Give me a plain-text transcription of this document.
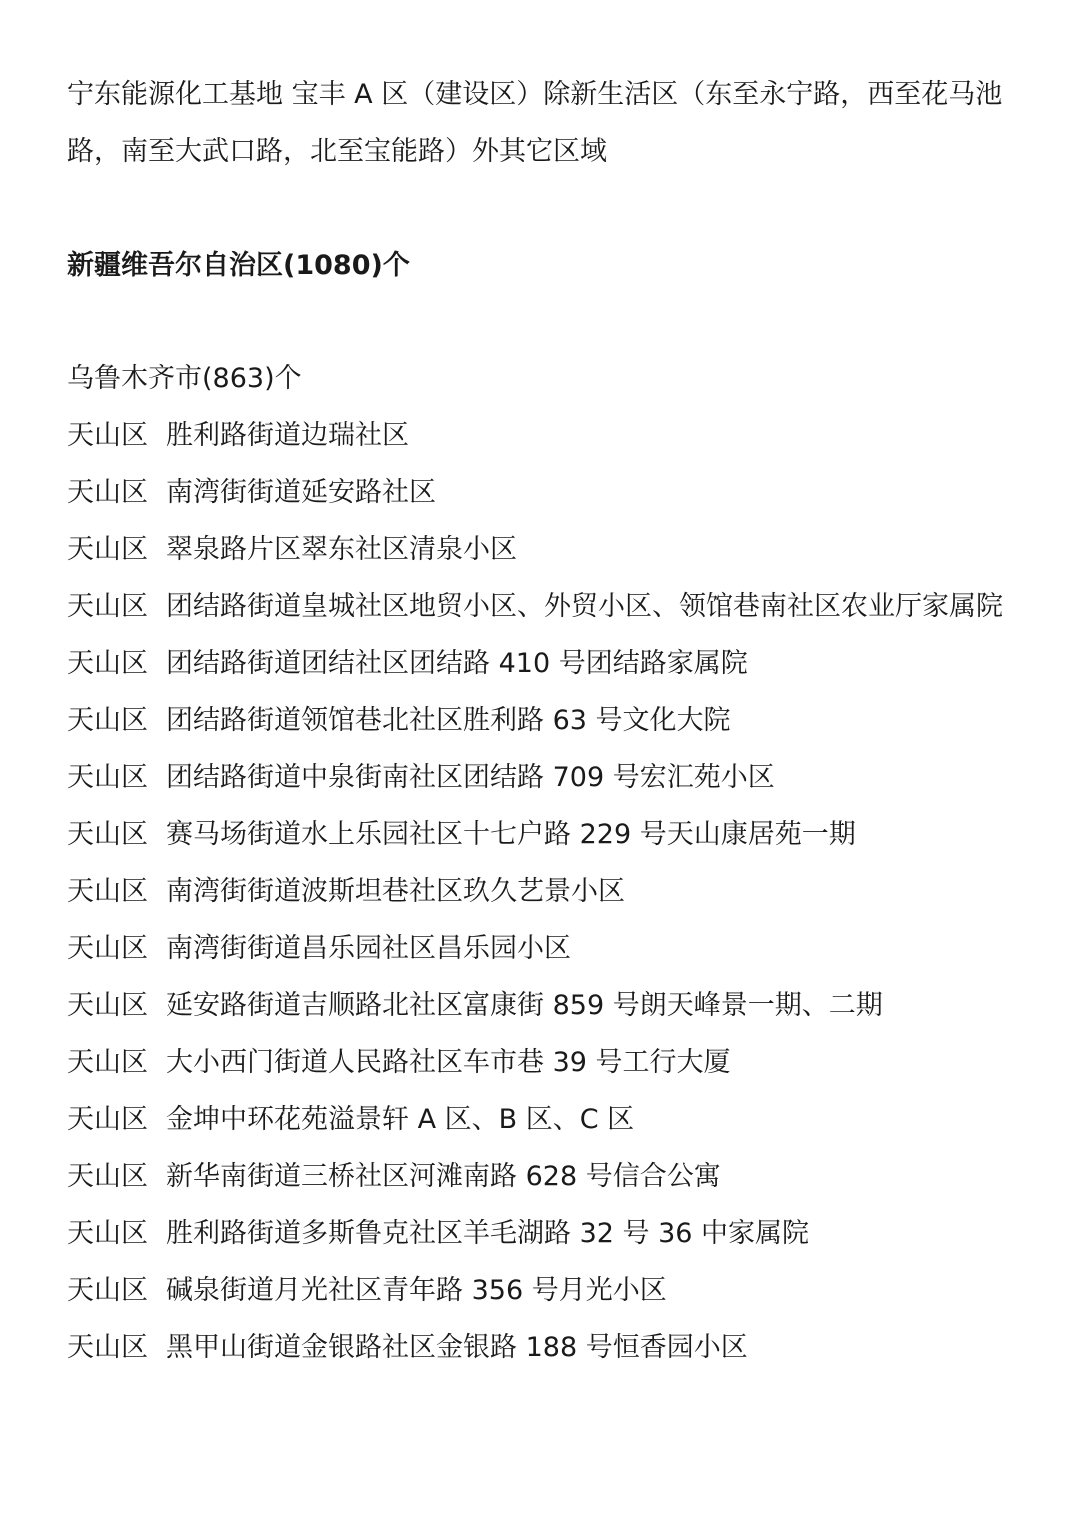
宁东能源化工基地 宝丰 A 区（建设区）除新生活区（东至永宁路，西至花马池路，南至大武口路，北至宝能路）外其它区域
新疆维吾尔自治区(1080)个
乌鲁木齐市(863)个
天山区 胜利路街道边瑞社区
天山区 南湾街街道延安路社区
天山区 翠泉路片区翠东社区清泉小区
天山区 团结路街道皇城社区地贸小区、外贸小区、领馆巷南社区农业厅家属院
天山区 团结路街道团结社区团结路 410 号团结路家属院
天山区 团结路街道领馆巷北社区胜利路 63 号文化大院
天山区 团结路街道中泉街南社区团结路 709 号宏汇苑小区
天山区 赛马场街道水上乐园社区十七户路 229 号天山康居苑一期
天山区 南湾街街道波斯坦巷社区玖久艺景小区
天山区 南湾街街道昌乐园社区昌乐园小区
天山区 延安路街道吉顺路北社区富康街 859 号朗天峰景一期、二期
天山区 大小西门街道人民路社区车市巷 39 号工行大厦
天山区 金坤中环花苑溢景轩 A 区、B 区、C 区
天山区 新华南街道三桥社区河滩南路 628 号信合公寓
天山区 胜利路街道多斯鲁克社区羊毛湖路 32 号 36 中家属院
天山区 碱泉街道月光社区青年路 356 号月光小区
天山区 黑甲山街道金银路社区金银路 188 号恒香园小区
